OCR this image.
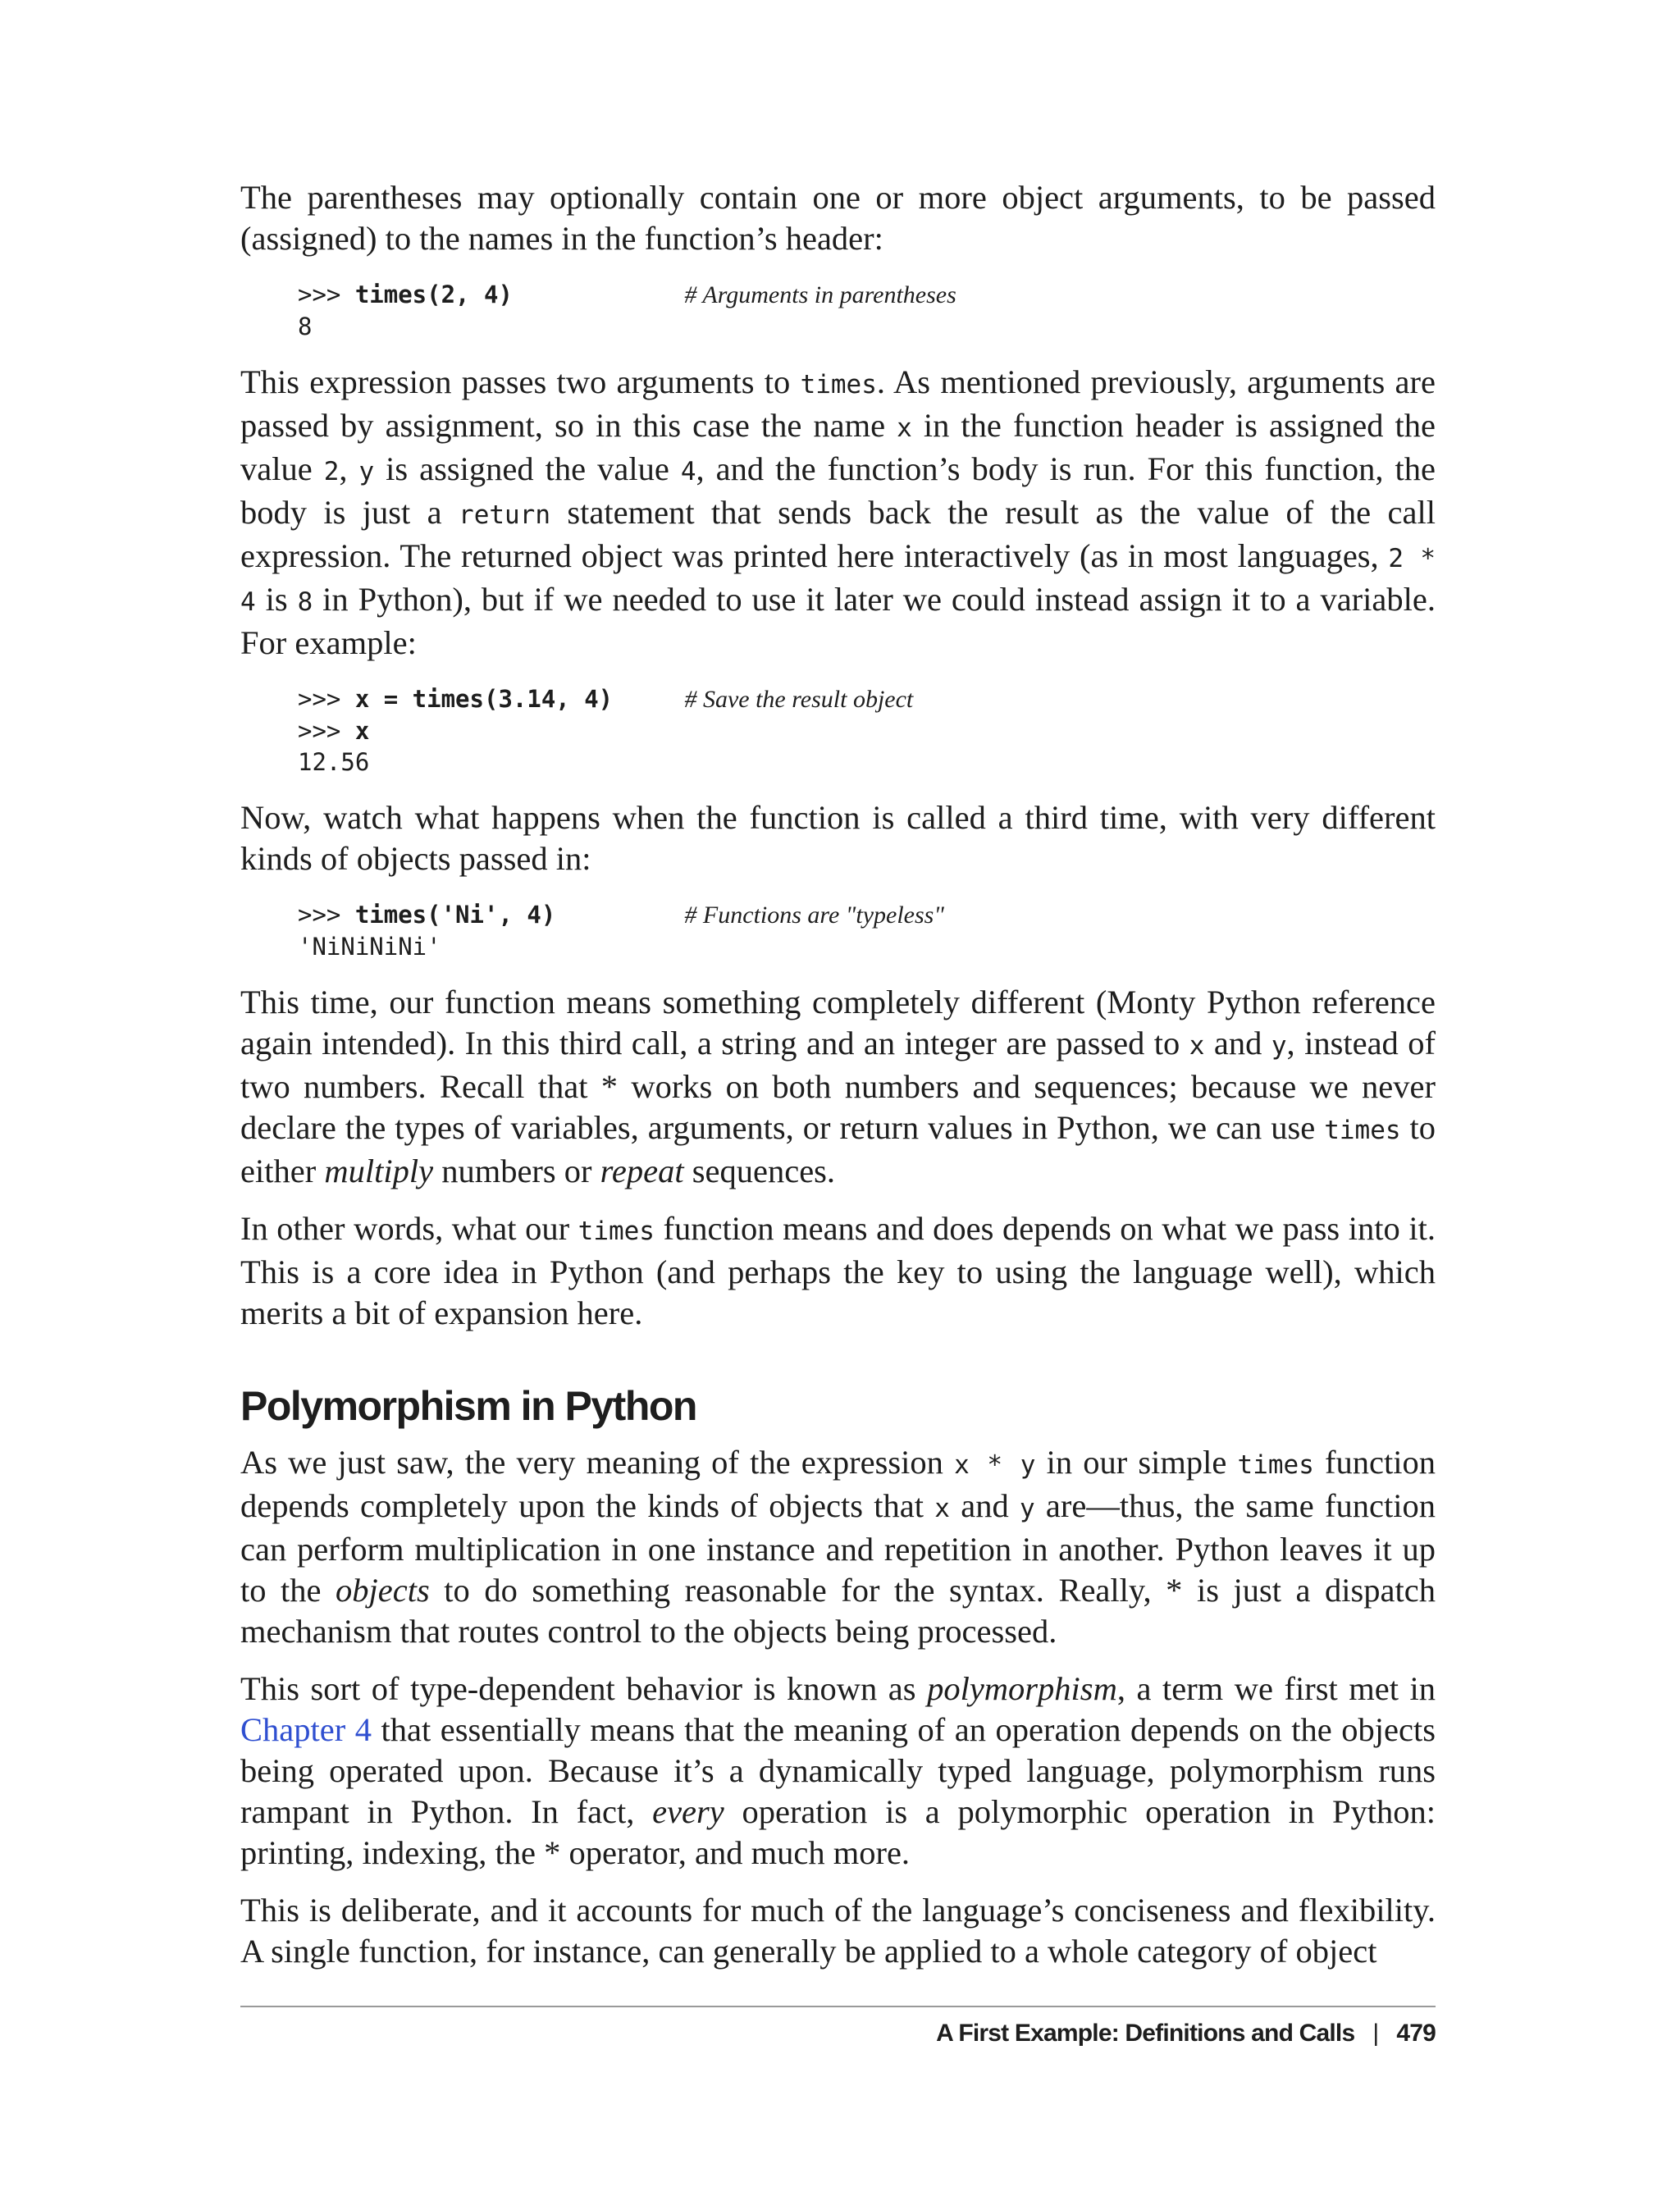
The parentheses may optionally contain one or more object arguments, to be passed (assigned) to the names in the function’s header:

>>> times(2, 4)	# Arguments in parentheses
8

This expression passes two arguments to times. As mentioned previously, arguments are passed by assignment, so in this case the name x in the function header is assigned the value 2, y is assigned the value 4, and the function’s body is run. For this function, the body is just a return statement that sends back the result as the value of the call expression. The returned object was printed here interactively (as in most languages, 2 * 4 is 8 in Python), but if we needed to use it later we could instead assign it to a variable. For example:

>>> x = times(3.14, 4)	# Save the result object
>>> x
12.56

Now, watch what happens when the function is called a third time, with very different kinds of objects passed in:

>>> times('Ni', 4)	# Functions are "typeless"
'NiNiNiNi'

This time, our function means something completely different (Monty Python reference again intended). In this third call, a string and an integer are passed to x and y, instead of two numbers. Recall that * works on both numbers and sequences; because we never declare the types of variables, arguments, or return values in Python, we can use times to either multiply numbers or repeat sequences.

In other words, what our times function means and does depends on what we pass into it. This is a core idea in Python (and perhaps the key to using the language well), which merits a bit of expansion here.

Polymorphism in Python

As we just saw, the very meaning of the expression x * y in our simple times function depends completely upon the kinds of objects that x and y are—thus, the same function can perform multiplication in one instance and repetition in another. Python leaves it up to the objects to do something reasonable for the syntax. Really, * is just a dispatch mechanism that routes control to the objects being processed.

This sort of type-dependent behavior is known as polymorphism, a term we first met in Chapter 4 that essentially means that the meaning of an operation depends on the objects being operated upon. Because it’s a dynamically typed language, polymorphism runs rampant in Python. In fact, every operation is a polymorphic operation in Python: printing, indexing, the * operator, and much more.

This is deliberate, and it accounts for much of the language’s conciseness and flexibility. A single function, for instance, can generally be applied to a whole category of object

A First Example: Definitions and Calls | 479
